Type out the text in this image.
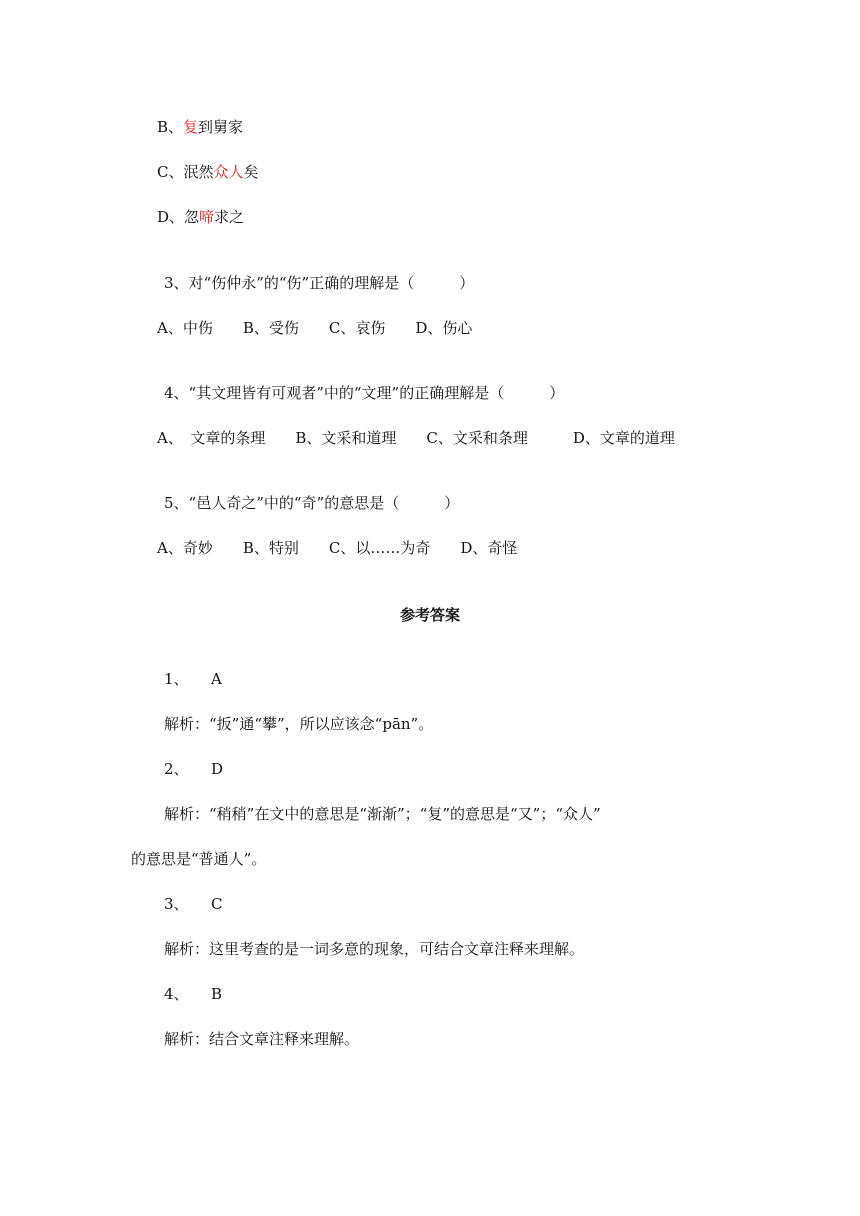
B、复到舅家
C、泯然众人矣
D、忽啼求之
3、对“伤仲永”的“伤”正确的理解是（　　　）
A、中伤　　B、受伤　　C、哀伤　　D、伤心
4、“其文理皆有可观者”中的“文理”的正确理解是（　　　）
A、　文章的条理　　B、文采和道理　　C、文采和条理　　　D、文章的道理
5、“邑人奇之”中的“奇”的意思是（　　　）
A、奇妙　　B、特别　　C、以……为奇　　D、奇怪
参考答案
1、　　A
解析：“扳”通“攀”，所以应该念“pān”。
2、　　D
解析：“稍稍”在文中的意思是“渐渐”；“复”的意思是“又”；“众人”
的意思是“普通人”。
3、　　C
解析：这里考查的是一词多意的现象，可结合文章注释来理解。
4、　　B
解析：结合文章注释来理解。
